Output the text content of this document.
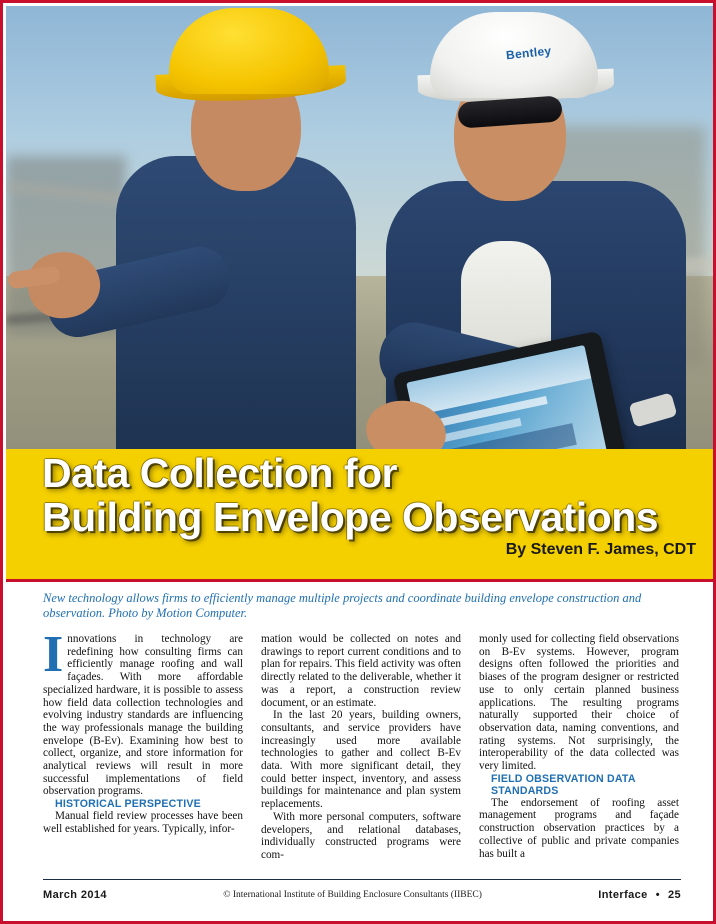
Bentley
Data Collection for
Building Envelope Observations
By Steven F. James, CDT
New technology allows firms to efficiently manage multiple projects and coordinate building envelope construction and observation. Photo by Motion Computer.

Innovations in technology are redefining how consulting firms can efficiently manage roofing and wall façades. With more affordable specialized hardware, it is possible to assess how field data collection technologies and evolving industry standards are influencing the way professionals manage the building envelope (B-Ev). Examining how best to collect, organize, and store information for analytical reviews will result in more successful implementations of field observation programs.

HISTORICAL PERSPECTIVE

Manual field review processes have been well established for years. Typically, infor-

mation would be collected on notes and drawings to report current conditions and to plan for repairs. This field activity was often directly related to the deliverable, whether it was a report, a construction review document, or an estimate.

In the last 20 years, building owners, consultants, and service providers have increasingly used more available technologies to gather and collect B-Ev data. With more significant detail, they could better inspect, inventory, and assess buildings for maintenance and plan system replacements.

With more personal computers, software developers, and relational databases, individually constructed programs were com-

monly used for collecting field observations on B-Ev systems. However, program designs often followed the priorities and biases of the program designer or restricted use to only certain planned business applications. The resulting programs naturally supported their choice of observation data, naming conventions, and rating systems. Not surprisingly, the interoperability of the data collected was very limited.

FIELD OBSERVATION DATA

STANDARDS

The endorsement of roofing asset management programs and façade construction observation practices by a collective of public and private companies has built a

March 2014	© International Institute of Building Enclosure Consultants (IIBEC)	Interface • 25
